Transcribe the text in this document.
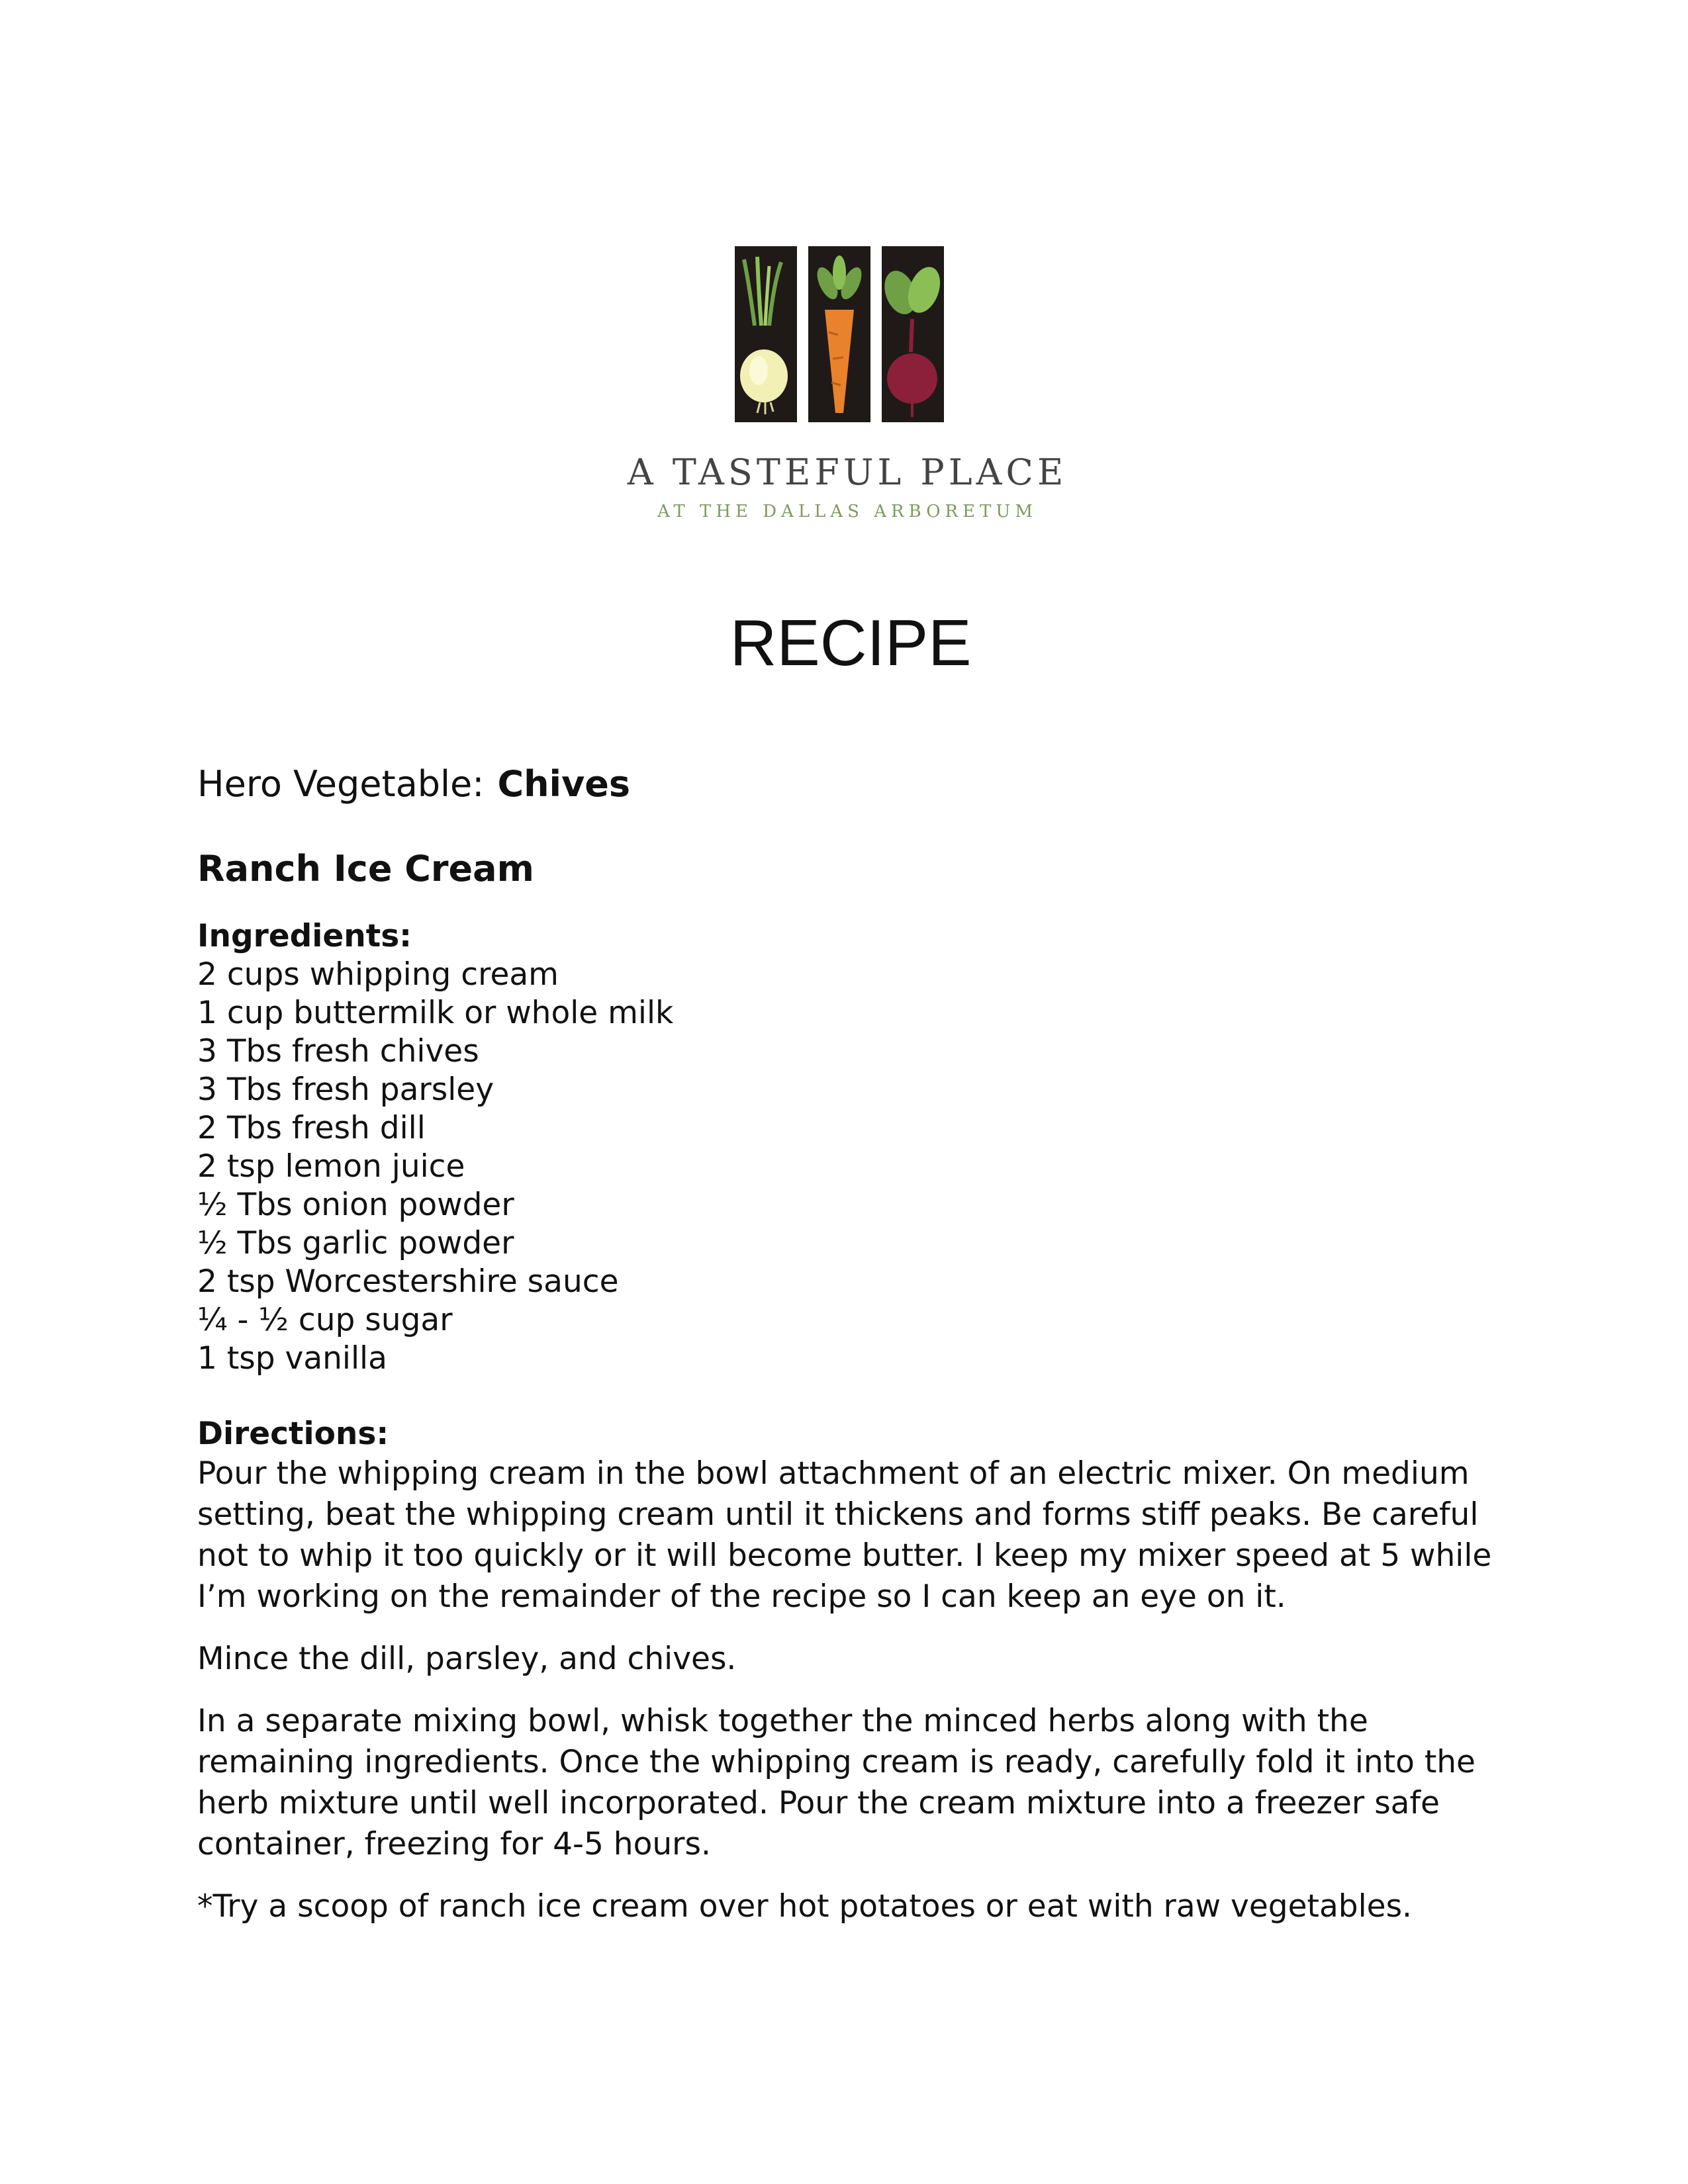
A TASTEFUL PLACE
AT THE DALLAS ARBORETUM
RECIPE
Hero Vegetable: Chives
Ranch Ice Cream
Ingredients:
2 cups whipping cream
1 cup buttermilk or whole milk
3 Tbs fresh chives
3 Tbs fresh parsley
2 Tbs fresh dill
2 tsp lemon juice
½ Tbs onion powder
½ Tbs garlic powder
2 tsp Worcestershire sauce
¼ - ½ cup sugar
1 tsp vanilla
Directions:

Pour the whipping cream in the bowl attachment of an electric mixer. On medium setting, beat the whipping cream until it thickens and forms stiff peaks. Be careful not to whip it too quickly or it will become butter. I keep my mixer speed at 5 while I’m working on the remainder of the recipe so I can keep an eye on it.

Mince the dill, parsley, and chives.

In a separate mixing bowl, whisk together the minced herbs along with the remaining ingredients. Once the whipping cream is ready, carefully fold it into the herb mixture until well incorporated. Pour the cream mixture into a freezer safe container, freezing for 4-5 hours.

*Try a scoop of ranch ice cream over hot potatoes or eat with raw vegetables.
